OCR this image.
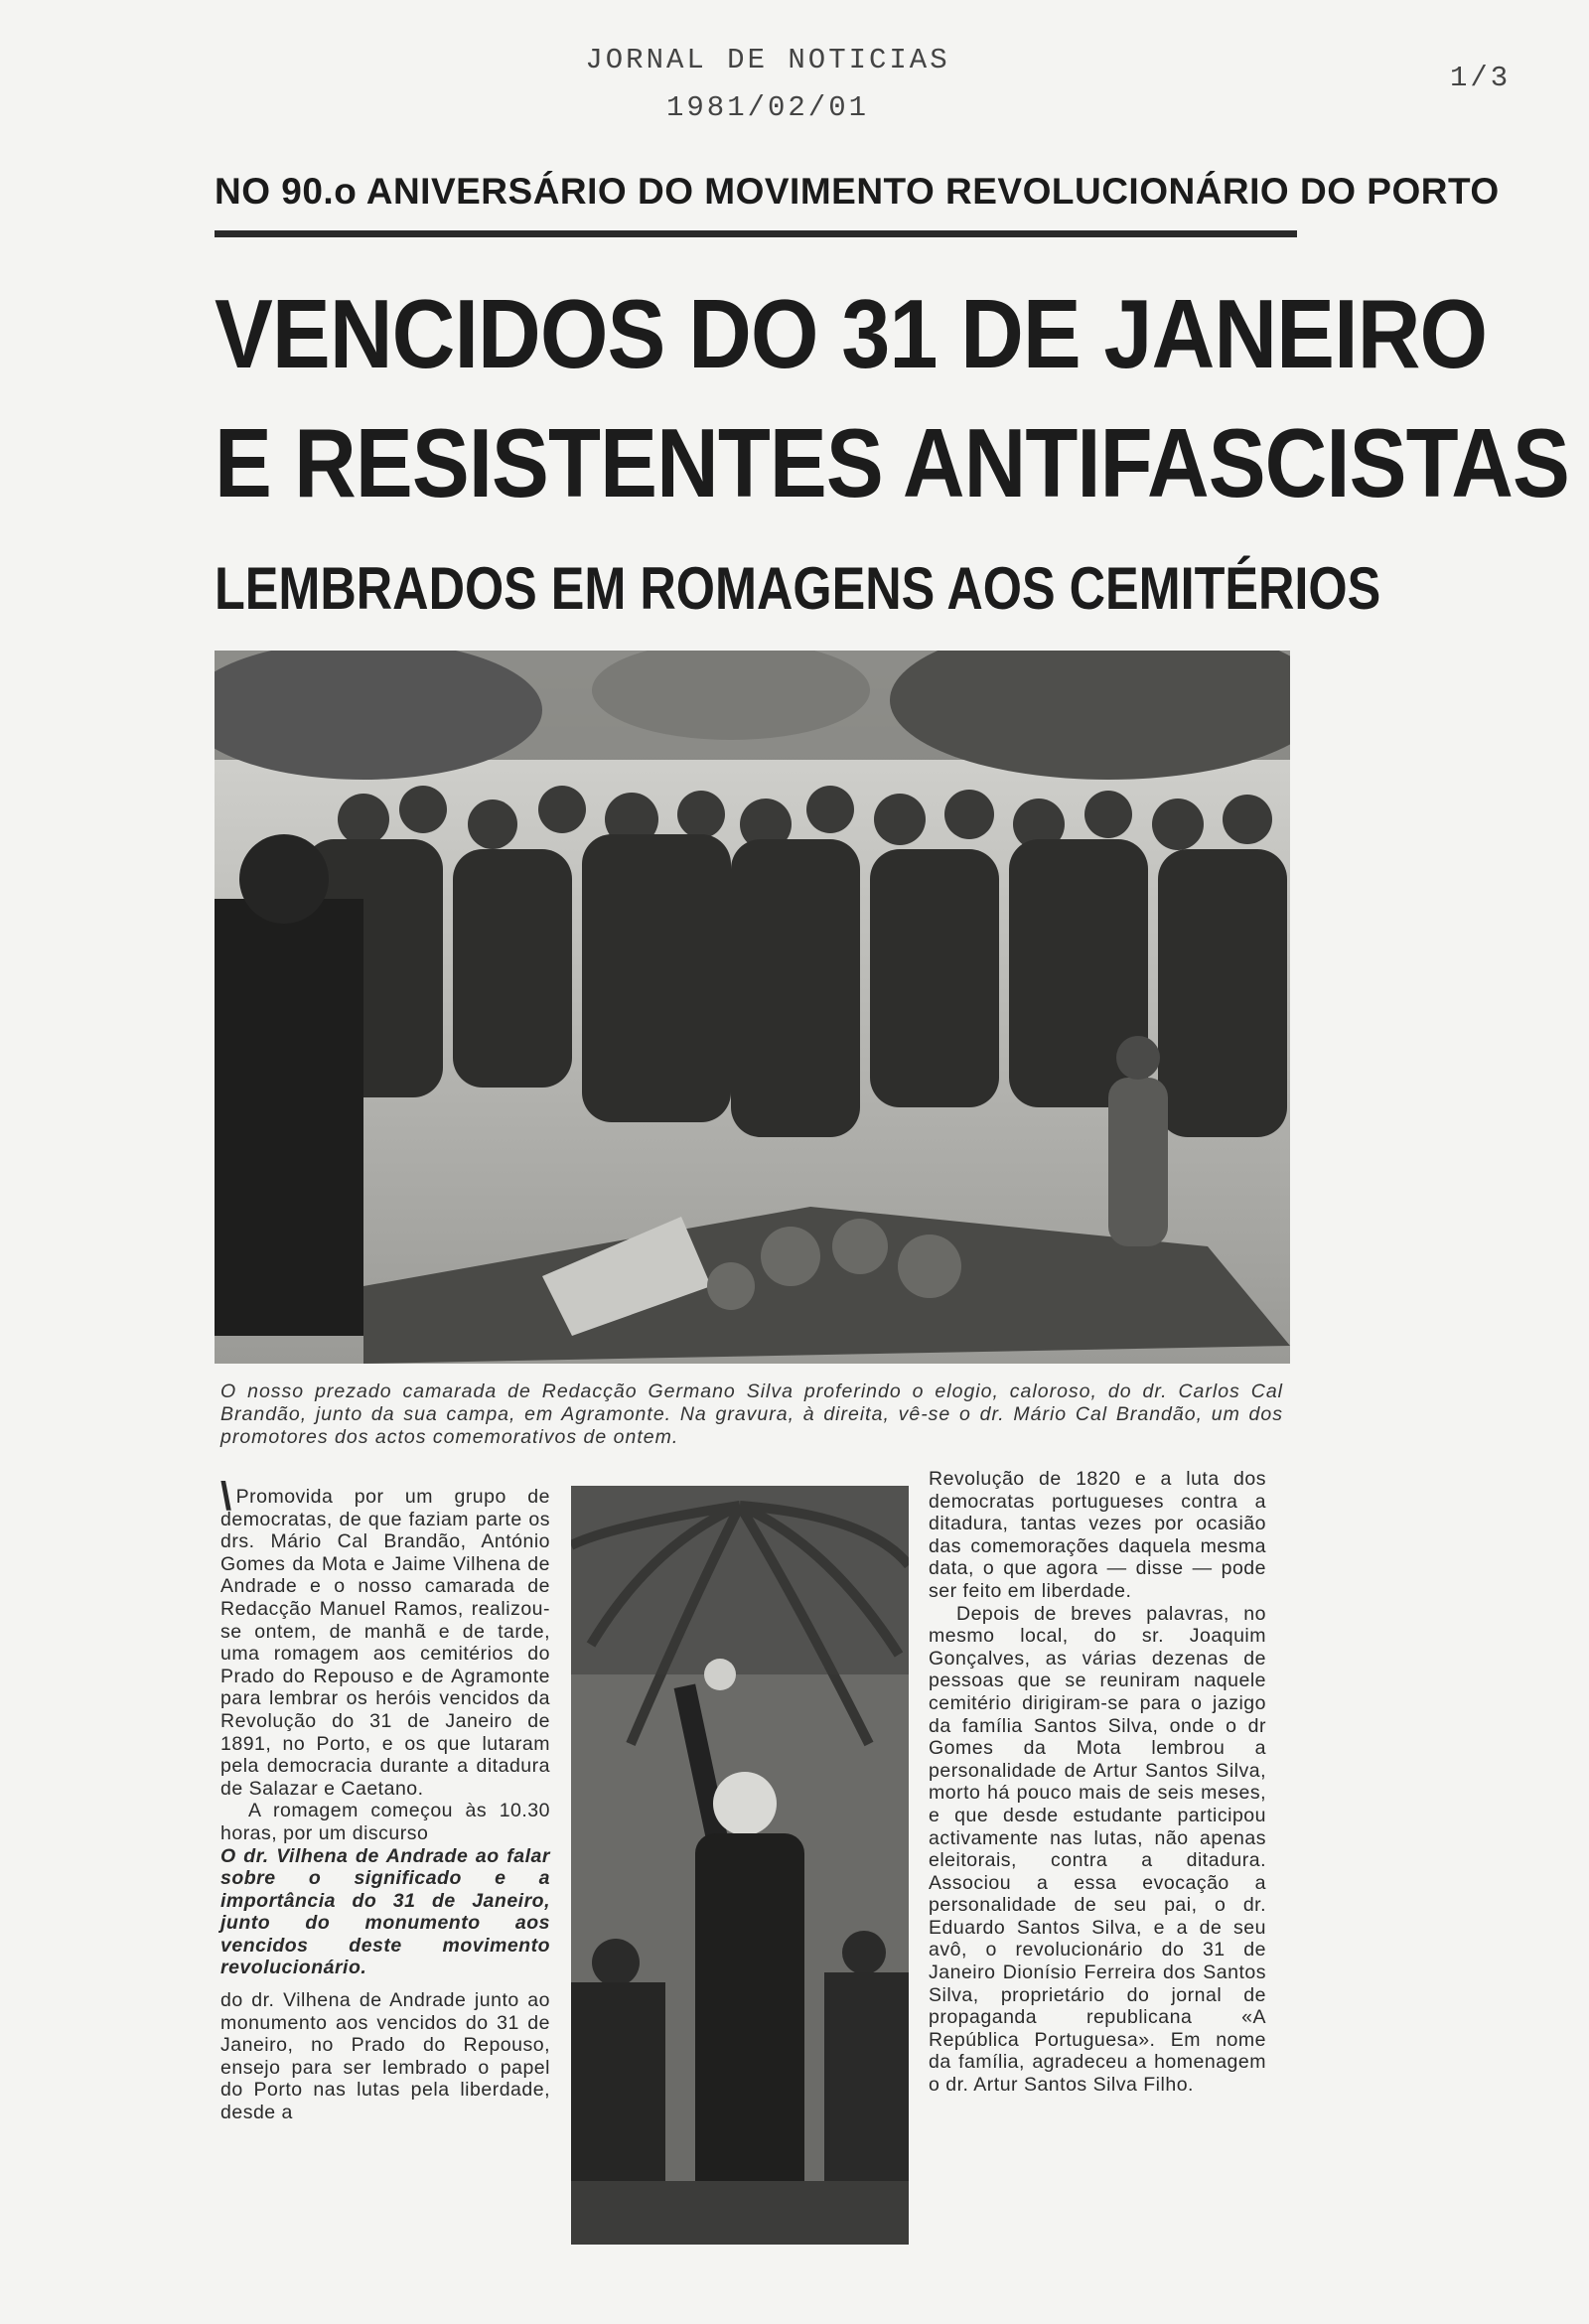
JORNAL DE NOTICIAS
1981/02/01
1/3
NO 90.o ANIVERSÁRIO DO MOVIMENTO REVOLUCIONÁRIO DO PORTO
VENCIDOS DO 31 DE JANEIRO
E RESISTENTES ANTIFASCISTAS
LEMBRADOS EM ROMAGENS AOS CEMITÉRIOS
O nosso prezado camarada de Redacção Germano Silva proferindo o elogio, caloroso, do dr. Carlos Cal Brandão, junto da sua campa, em Agramonte. Na gravura, à direita, vê-se o dr. Mário Cal Brandão, um dos promotores dos actos comemorativos de ontem.

\ Promovida por um grupo de democratas, de que faziam parte os drs. Mário Cal Brandão, António Gomes da Mota e Jaime Vilhena de Andrade e o nosso camarada de Redacção Manuel Ramos, realizou-se ontem, de manhã e de tarde, uma romagem aos cemitérios do Prado do Repouso e de Agramonte para lembrar os heróis vencidos da Revolução do 31 de Janeiro de 1891, no Porto, e os que lutaram pela democracia durante a ditadura de Salazar e Caetano.

A romagem começou às 10.30 horas, por um discurso

O dr. Vilhena de Andrade ao falar sobre o significado e a importância do 31 de Janeiro, junto do monumento aos vencidos deste movimento revolucionário.

do dr. Vilhena de Andrade junto ao monumento aos vencidos do 31 de Janeiro, no Prado do Repouso, ensejo para ser lembrado o papel do Porto nas lutas pela liberdade, desde a

Revolução de 1820 e a luta dos democratas portugueses contra a ditadura, tantas vezes por ocasião das comemorações daquela mesma data, o que agora — disse — pode ser feito em liberdade.

Depois de breves palavras, no mesmo local, do sr. Joaquim Gonçalves, as várias dezenas de pessoas que se reuniram naquele cemitério dirigiram-se para o jazigo da família Santos Silva, onde o dr Gomes da Mota lembrou a personalidade de Artur Santos Silva, morto há pouco mais de seis meses, e que desde estudante participou activamente nas lutas, não apenas eleitorais, contra a ditadura. Associou a essa evocação a personalidade de seu pai, o dr. Eduardo Santos Silva, e a de seu avô, o revolucionário do 31 de Janeiro Dionísio Ferreira dos Santos Silva, proprietário do jornal de propaganda republicana «A República Portuguesa». Em nome da família, agradeceu a homenagem o dr. Artur Santos Silva Filho.
